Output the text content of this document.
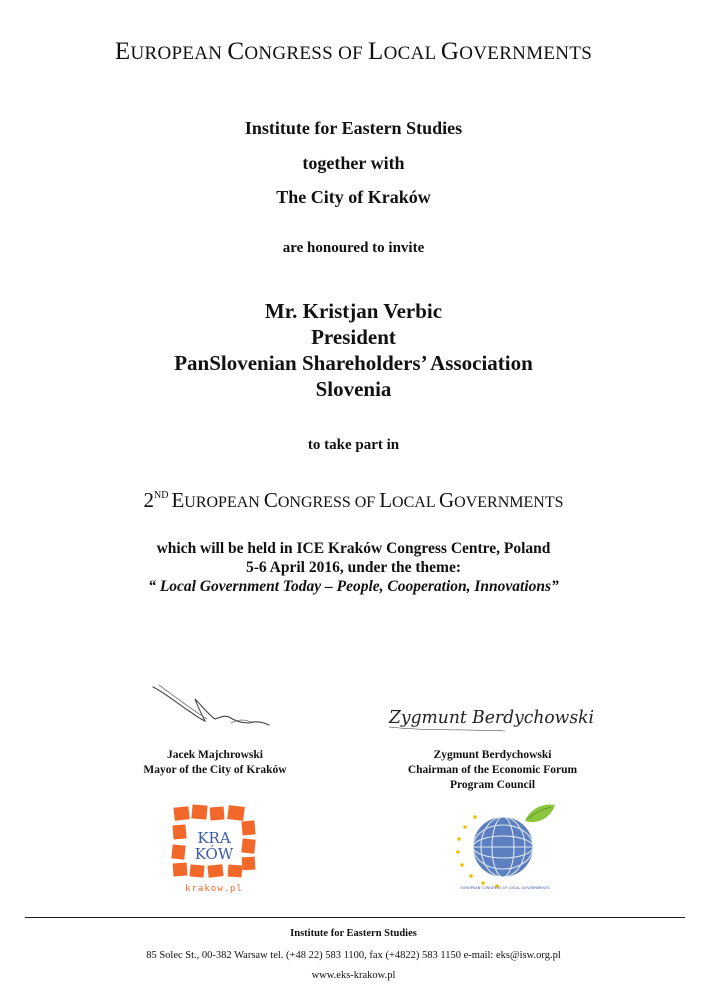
EUROPEAN CONGRESS OF LOCAL GOVERNMENTS
Institute for Eastern Studies
together with
The City of Kraków
are honoured to invite
Mr. Kristjan Verbic
President
PanSlovenian Shareholders’ Association
Slovenia
to take part in
2ND EUROPEAN CONGRESS OF LOCAL GOVERNMENTS
which will be held in ICE Kraków Congress Centre, Poland
5-6 April 2016, under the theme:
“ Local Government Today – People, Cooperation, Innovations”
Zygmunt Berdychowski
Jacek Majchrowski
Mayor of the City of Kraków
Zygmunt Berdychowski
Chairman of the Economic Forum
Program Council
KRA
KÓW
krakow.pl	EUROPEAN CONGRESS OF LOCAL GOVERNMENTS
Institute for Eastern Studies
85 Solec St., 00-382 Warsaw tel. (+48 22) 583 1100, fax (+4822) 583 1150 e-mail: eks@isw.org.pl
www.eks-krakow.pl
